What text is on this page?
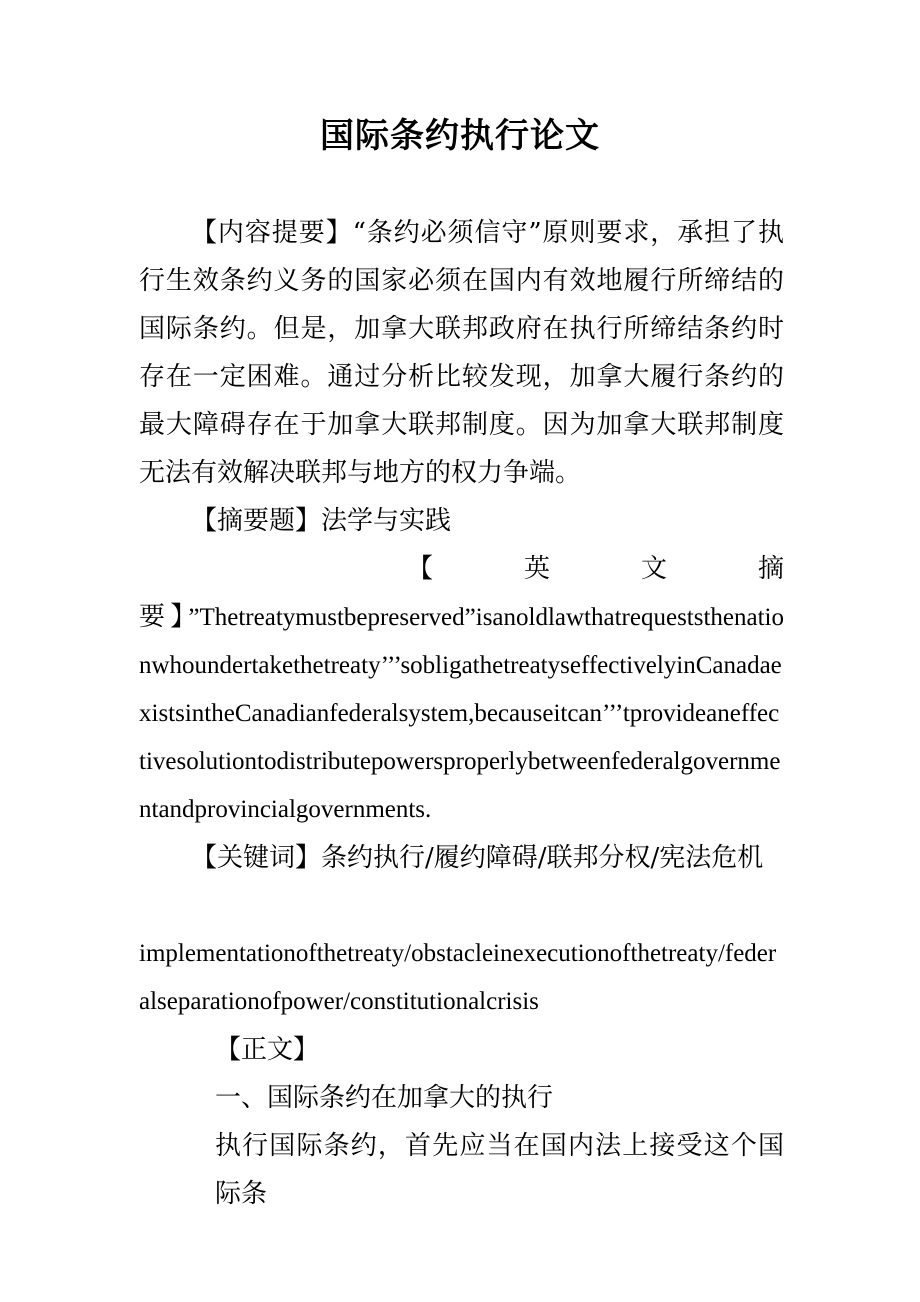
国际条约执行论文

【内容提要】“条约必须信守”原则要求，承担了执行生效条约义务的国家必须在国内有效地履行所缔结的国际条约。但是，加拿大联邦政府在执行所缔结条约时存在一定困难。通过分析比较发现，加拿大履行条约的最大障碍存在于加拿大联邦制度。因为加拿大联邦制度无法有效解决联邦与地方的权力争端。

【摘要题】法学与实践

【	英	文	摘

要】”Thetreatymustbepreserved”isanoldlawthatrequeststhenationwhoundertakethetreaty’’’sobligathetreatyseffectivelyinCanadaexistsintheCanadianfederalsystem,becauseitcan’’’tprovideaneffectivesolutiontodistributepowersproperlybetweenfederalgovernmentandprovincialgovernments.

【关键词】条约执行/履约障碍/联邦分权/宪法危机

implementationofthetreaty/obstacleinexecutionofthetreaty/federalseparationofpower/constitutionalcrisis

【正文】

一、国际条约在加拿大的执行

执行国际条约，首先应当在国内法上接受这个国际条
